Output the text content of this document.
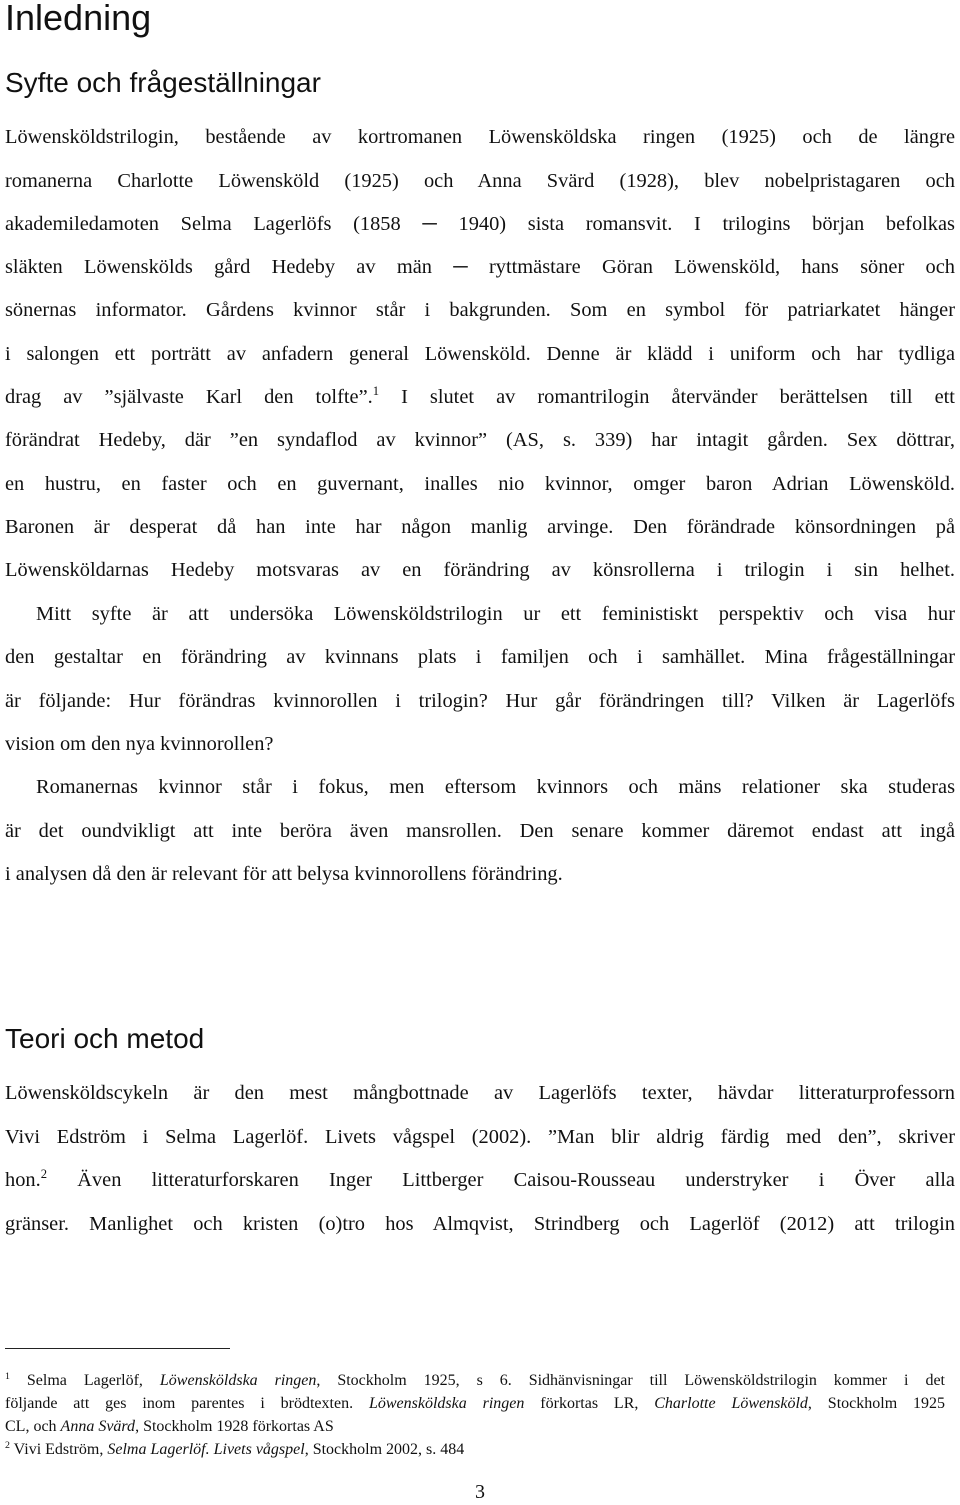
Inledning
Syfte och frågeställningar
Löwensköldstrilogin, bestående av kortromanen Löwensköldska ringen (1925) och de längre
romanerna Charlotte Löwensköld (1925) och Anna Svärd (1928), blev nobelpristagaren och
akademiledamoten Selma Lagerlöfs (1858 ─ 1940) sista romansvit. I trilogins början befolkas
släkten Löwenskölds gård Hedeby av män ─ ryttmästare Göran Löwensköld, hans söner och
sönernas informator. Gårdens kvinnor står i bakgrunden. Som en symbol för patriarkatet hänger
i salongen ett porträtt av anfadern general Löwensköld. Denne är klädd i uniform och har tydliga
drag av ”självaste Karl den tolfte”.$^1$ I slutet av romantrilogin återvänder berättelsen till ett
förändrat Hedeby, där ”en syndaflod av kvinnor” (AS, s. 339) har intagit gården. Sex döttrar,
en hustru, en faster och en guvernant, inalles nio kvinnor, omger baron Adrian Löwensköld.
Baronen är desperat då han inte har någon manlig arvinge. Den förändrade könsordningen på
Löwensköldarnas Hedeby motsvaras av en förändring av könsrollerna i trilogin i sin helhet.
Mitt syfte är att undersöka Löwensköldstrilogin ur ett feministiskt perspektiv och visa hur
den gestaltar en förändring av kvinnans plats i familjen och i samhället. Mina frågeställningar
är följande: Hur förändras kvinnorollen i trilogin? Hur går förändringen till? Vilken är Lagerlöfs
vision om den nya kvinnorollen?
Romanernas kvinnor står i fokus, men eftersom kvinnors och mäns relationer ska studeras
är det oundvikligt att inte beröra även mansrollen. Den senare kommer däremot endast att ingå
i analysen då den är relevant för att belysa kvinnorollens förändring.
Teori och metod
Löwensköldscykeln är den mest mångbottnade av Lagerlöfs texter, hävdar litteraturprofessorn
Vivi Edström i Selma Lagerlöf. Livets vågspel (2002). ”Man blir aldrig färdig med den”, skriver
hon.$^2$ Även litteraturforskaren Inger Littberger Caisou-Rousseau understryker i Över alla
gränser. Manlighet och kristen (o)tro hos Almqvist, Strindberg och Lagerlöf (2012) att trilogin
$^1$ Selma Lagerlöf, Löwensköldska ringen, Stockholm 1925, s 6. Sidhänvisningar till Löwensköldstrilogin kommer i det
följande att ges inom parentes i brödtexten. Löwensköldska ringen förkortas LR, Charlotte Löwensköld, Stockholm 1925
CL, och Anna Svärd, Stockholm 1928 förkortas AS
$^2$ Vivi Edström, Selma Lagerlöf. Livets vågspel, Stockholm 2002, s. 484
3
